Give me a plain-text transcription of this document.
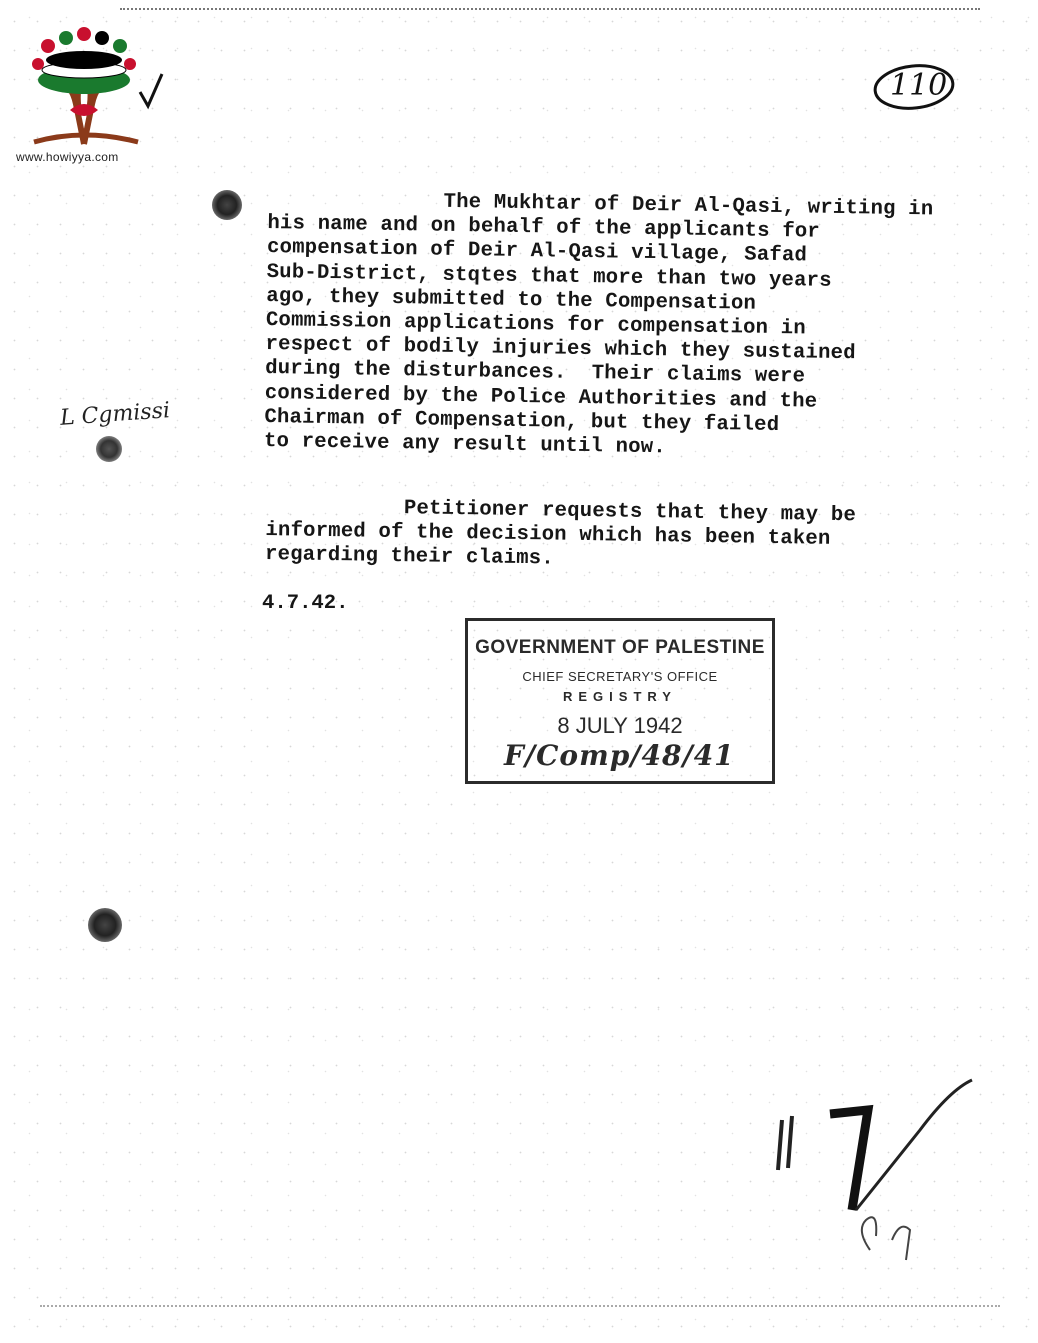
www.howiyya.com
110
L Cgmissi
The Mukhtar of Deir Al-Qasi, writing in
his name and on behalf of the applicants for
compensation of Deir Al-Qasi village, Safad
Sub-District, stqtes that more than two years
ago, they submitted to the Compensation
Commission applications for compensation in
respect of bodily injuries which they sustained
during the disturbances.  Their claims were
considered by the Police Authorities and the
Chairman of Compensation, but they failed
to receive any result until now.
Petitioner requests that they may be
informed of the decision which has been taken
regarding their claims.
4.7.42.
GOVERNMENT OF PALESTINE
CHIEF SECRETARY'S OFFICE
REGISTRY
8 JULY 1942
F/Comp/48/41
